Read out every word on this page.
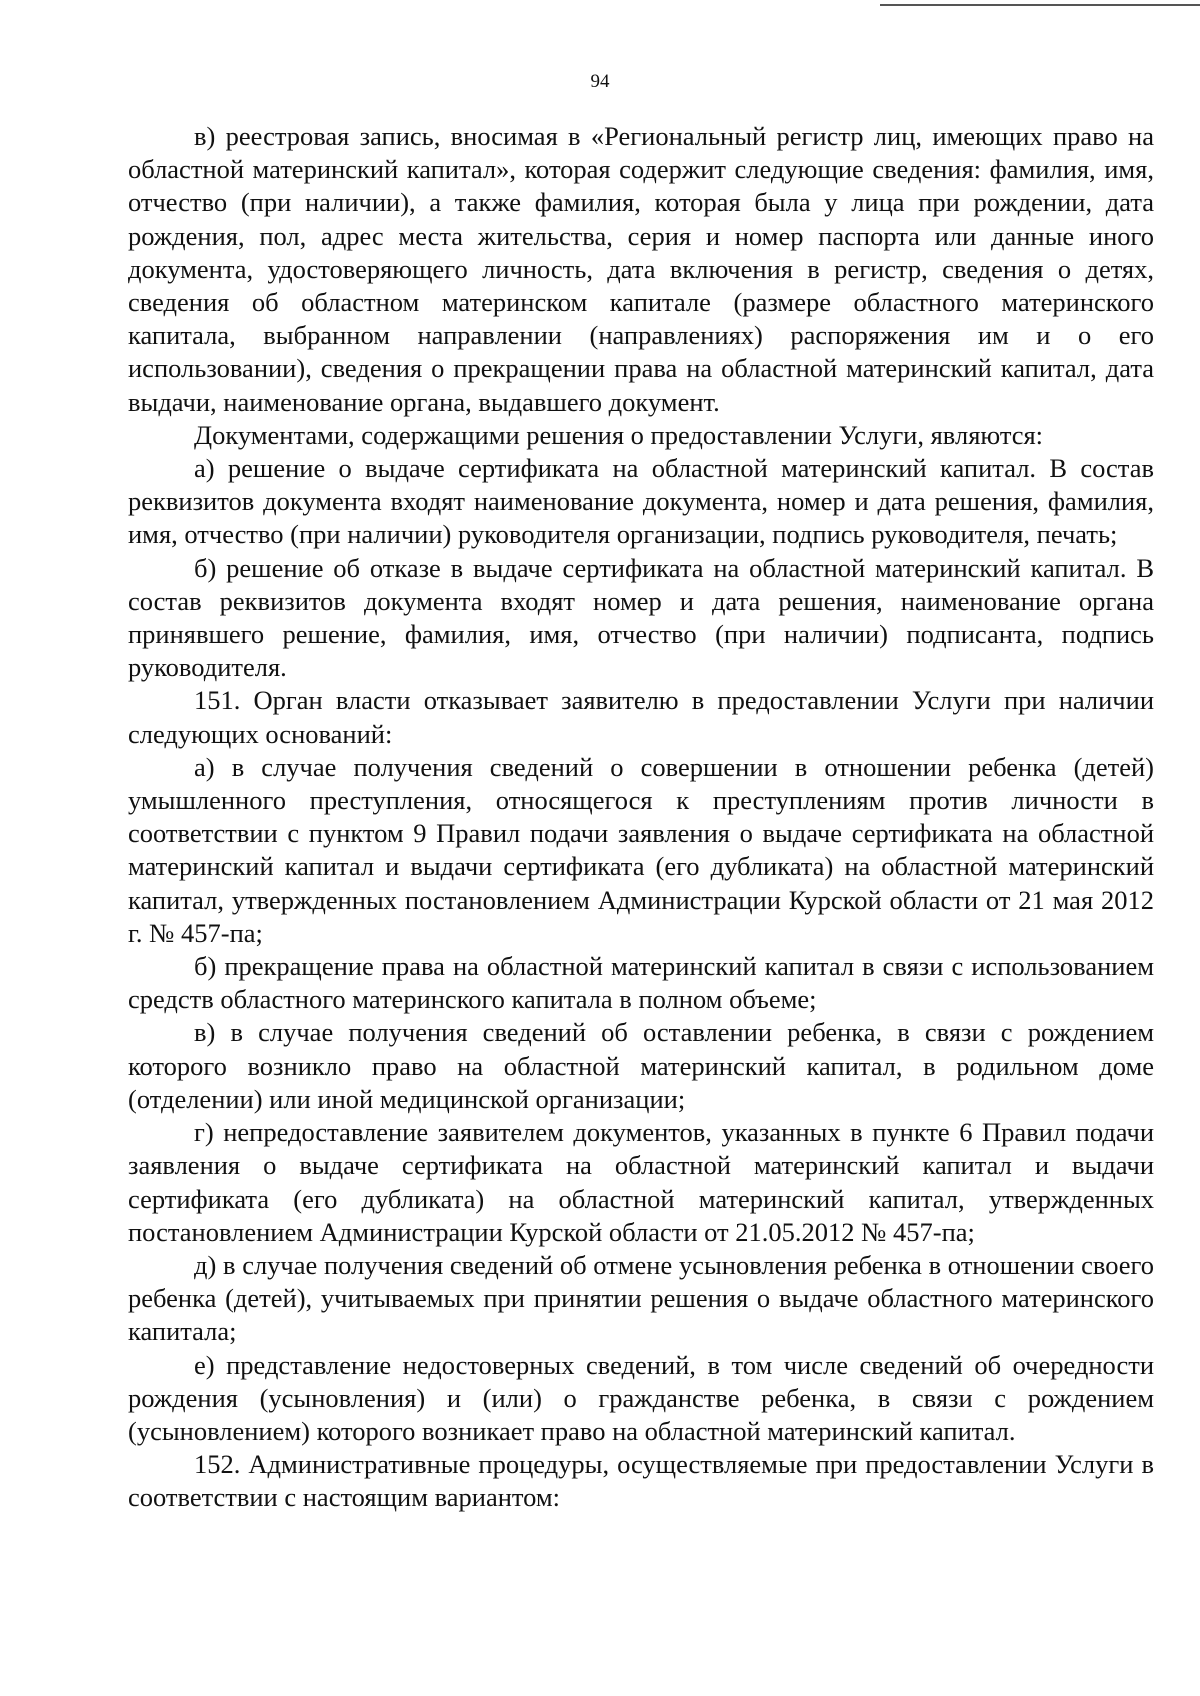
94

в) реестровая запись, вносимая в «Региональный регистр лиц, имеющих право на областной материнский капитал», которая содержит следующие сведения: фамилия, имя, отчество (при наличии), а также фамилия, которая была у лица при рождении, дата рождения, пол, адрес места жительства, серия и номер паспорта или данные иного документа, удостоверяющего личность, дата включения в регистр, сведения о детях, сведения об областном материнском капитале (размере областного материнского капитала, выбранном направлении (направлениях) распоряжения им и о его использовании), сведения о прекращении права на областной материнский капитал, дата выдачи, наименование органа, выдавшего документ.

Документами, содержащими решения о предоставлении Услуги, являются:

а) решение о выдаче сертификата на областной материнский капитал. В состав реквизитов документа входят наименование документа, номер и дата решения, фамилия, имя, отчество (при наличии) руководителя организации, подпись руководителя, печать;

б) решение об отказе в выдаче сертификата на областной материнский капитал. В состав реквизитов документа входят номер и дата решения, наименование органа принявшего решение, фамилия, имя, отчество (при наличии) подписанта, подпись руководителя.

151. Орган власти отказывает заявителю в предоставлении Услуги при наличии следующих оснований:

а) в случае получения сведений о совершении в отношении ребенка (детей) умышленного преступления, относящегося к преступлениям против личности в соответствии с пунктом 9 Правил подачи заявления о выдаче сертификата на областной материнский капитал и выдачи сертификата (его дубликата) на областной материнский капитал, утвержденных постановлением Администрации Курской области от 21 мая 2012 г. № 457-па;

б) прекращение права на областной материнский капитал в связи с использованием средств областного материнского капитала в полном объеме;

в) в случае получения сведений об оставлении ребенка, в связи с рождением которого возникло право на областной материнский капитал, в родильном доме (отделении) или иной медицинской организации;

г) непредоставление заявителем документов, указанных в пункте 6 Правил подачи заявления о выдаче сертификата на областной материнский капитал и выдачи сертификата (его дубликата) на областной материнский капитал, утвержденных постановлением Администрации Курской области от 21.05.2012 № 457-па;

д) в случае получения сведений об отмене усыновления ребенка в отношении своего ребенка (детей), учитываемых при принятии решения о выдаче областного материнского капитала;

е) представление недостоверных сведений, в том числе сведений об очередности рождения (усыновления) и (или) о гражданстве ребенка, в связи с рождением (усыновлением) которого возникает право на областной материнский капитал.

152. Административные процедуры, осуществляемые при предоставлении Услуги в соответствии с настоящим вариантом:
